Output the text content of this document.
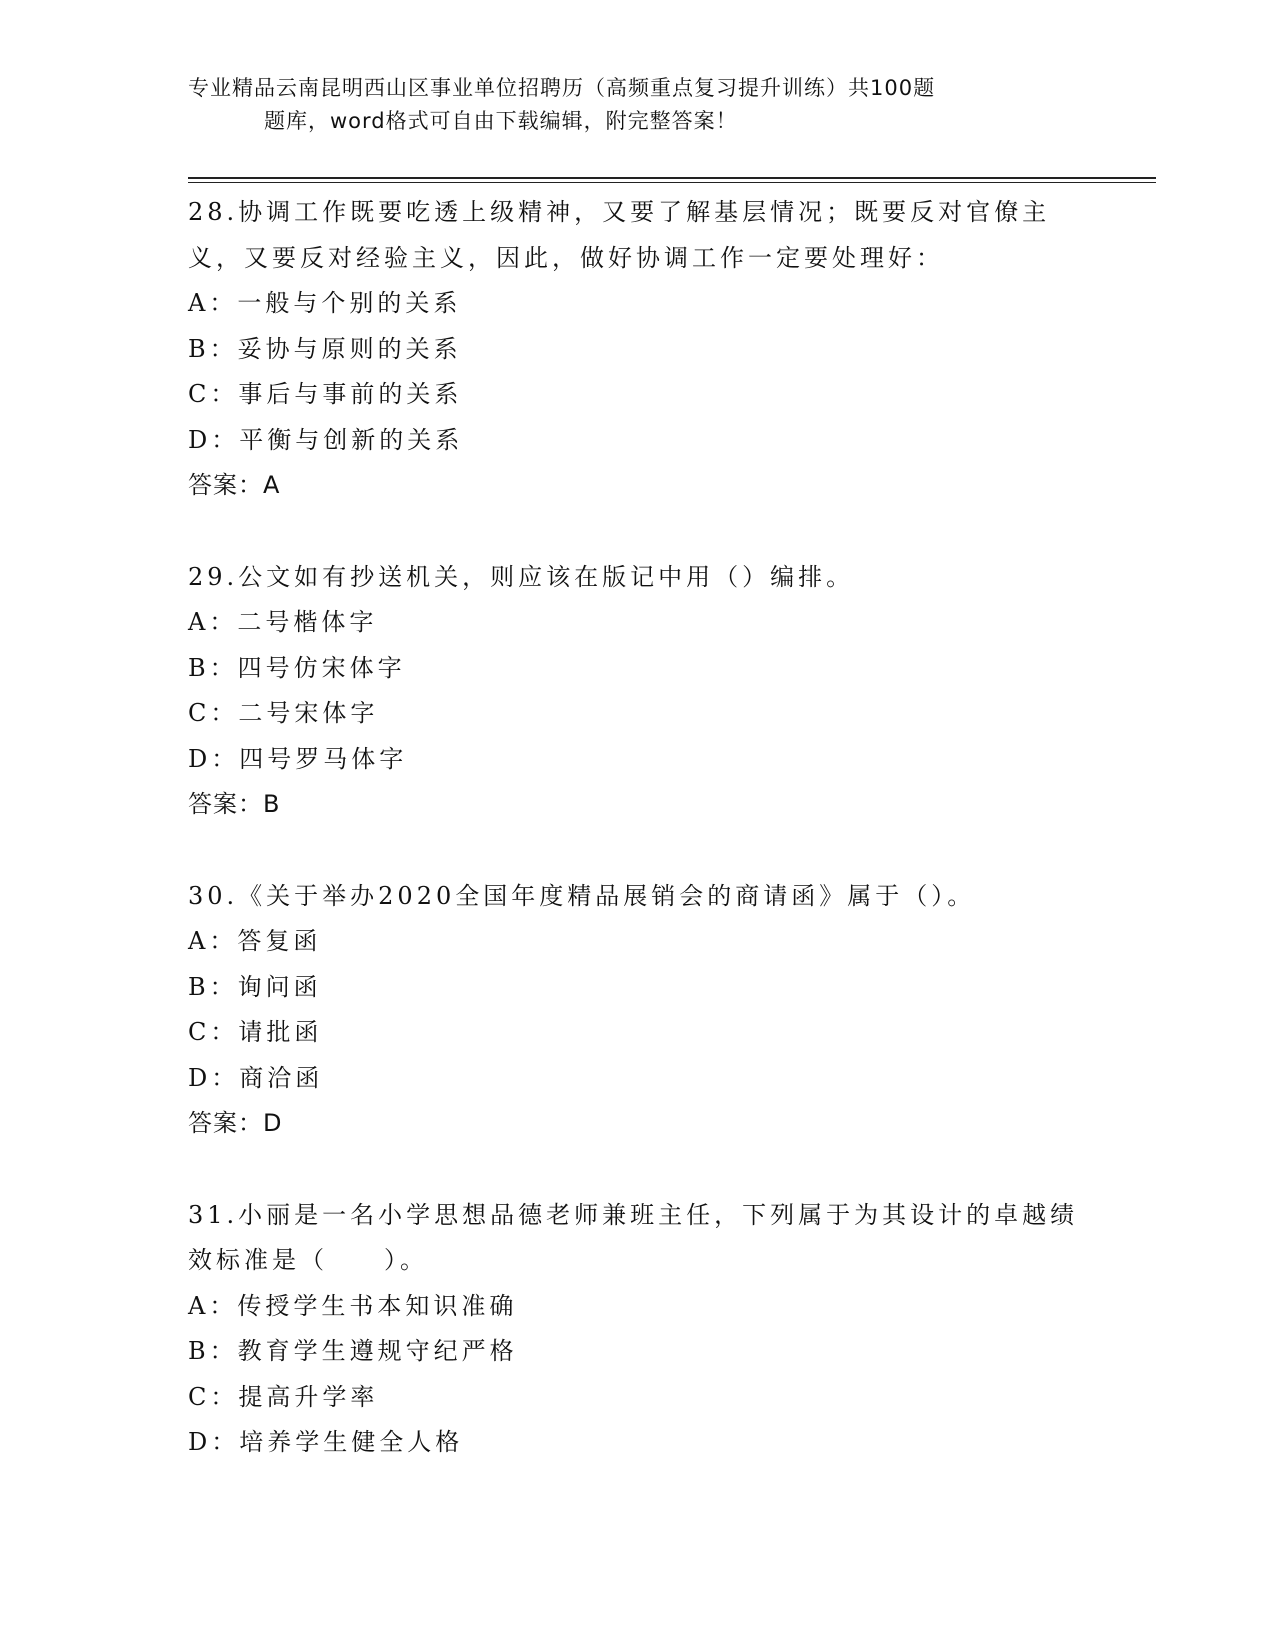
专业精品云南昆明西山区事业单位招聘历（高频重点复习提升训练）共100题
题库，word格式可自由下载编辑，附完整答案！
28.协调工作既要吃透上级精神，又要了解基层情况；既要反对官僚主义，又要反对经验主义，因此，做好协调工作一定要处理好：
A：一般与个别的关系
B：妥协与原则的关系
C：事后与事前的关系
D：平衡与创新的关系
答案：A
29.公文如有抄送机关，则应该在版记中用（）编排。
A：二号楷体字
B：四号仿宋体字
C：二号宋体字
D：四号罗马体字
答案：B
30.《关于举办2020全国年度精品展销会的商请函》属于（）。
A：答复函
B：询问函
C：请批函
D：商洽函
答案：D
31.小丽是一名小学思想品德老师兼班主任，下列属于为其设计的卓越绩效标准是（　　）。
A：传授学生书本知识准确
B：教育学生遵规守纪严格
C：提高升学率
D：培养学生健全人格
